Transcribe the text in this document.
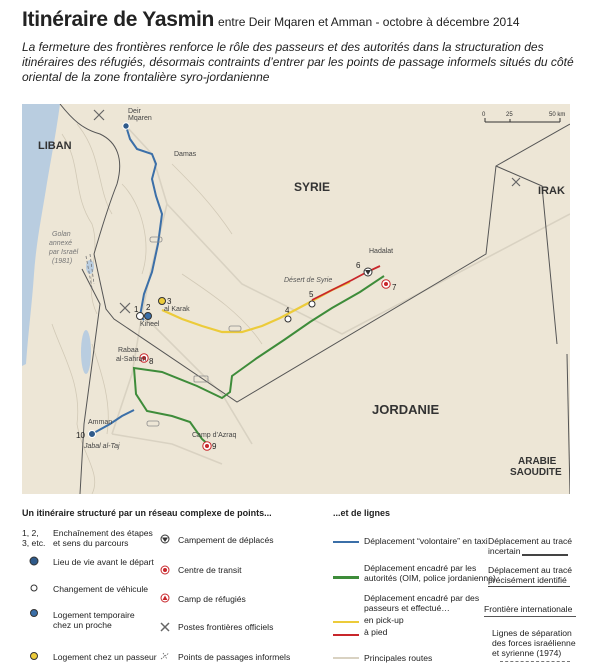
Itinéraire de Yasmin entre Deir Mqaren et Amman - octobre à décembre 2014
La fermeture des frontières renforce le rôle des passeurs et des autorités dans la structuration des itinéraires des réfugiés, désormais contraints d’entrer par les points de passage informels situés du côté oriental de la zone frontalière syro-jordanienne
0	25	50 km
LIBAN
SYRIE	IRAK
JORDANIE
ARABIE
SAOUDITE
Golan
annexé
par Israël
(1981)
Désert de Syrie
Deir
Mqaren
Damas
Kiheel
al Karak
Hadalat
Rabaa
al-Sahran
Amman
Jabal al-Taj
Camp d’Azraq
1 2
3
4
5
6
7
8
9
10
Un itinéraire structuré par un réseau complexe de points...	...et de lignes
1, 2,
3, etc.
Enchaînement des étapes
et sens du parcours
Lieu de vie avant le départ
Changement de véhicule
Logement temporaire
chez un proche
Logement chez un passeur
Campement de déplacés
Centre de transit
Camp de réfugiés
Postes frontières officiels
Points de passages informels
Déplacement “volontaire” en taxi
Déplacement encadré par les
autorités (OIM, police jordanienne)
Déplacement encadré par des
passeurs et effectué…
en pick-up
à pied
Principales routes
Déplacement au tracé
incertain
Déplacement au tracé
précisément identifié
Frontière internationale
Lignes de séparation
des forces israélienne
et syrienne (1974)
